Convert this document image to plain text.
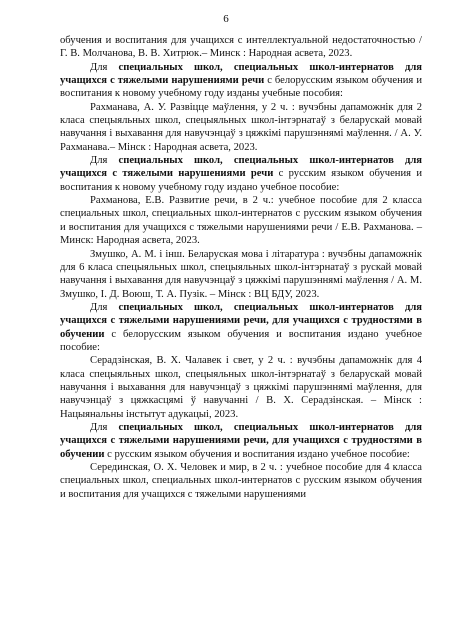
6

обучения и воспитания для учащихся с интеллектуальной недостаточностью / Г. В. Молчанова, В. В. Хитрюк.– Минск : Народная асвета, 2023.

Для специальных школ, специальных школ-интернатов для учащихся с тяжелыми нарушениями речи с белорусским языком обучения и воспитания к новому учебному году изданы учебные пособия:

Рахманава, А. У. Развіцце маўлення, у 2 ч. : вучэбны дапаможнік для 2 класа спецыяльных школ, спецыяльных школ-інтэрнатаў з беларускай мовай навучання і выхавання для навучэнцаў з цяжкімі парушэннямі маўлення. / А. У. Рахманава.– Мінск : Народная асвета, 2023.

Для специальных школ, специальных школ-интернатов для учащихся с тяжелыми нарушениями речи с русским языком обучения и воспитания к новому учебному году издано учебное пособие:

Рахманова, Е.В. Развитие речи, в 2 ч.: учебное пособие для 2 класса специальных школ, специальных школ-интернатов с русским языком обучения и воспитания для учащихся с тяжелыми нарушениями речи / Е.В. Рахманова. – Минск: Народная асвета, 2023.

Змушко, А. М. і інш. Беларуская мова і літаратура : вучэбны дапаможнік для 6 класа спецыяльных школ, спецыяльных школ-інтэрнатаў з рускай мовай навучання і выхавання для навучэнцаў з цяжкімі парушэннямі маўлення / А. М. Змушко, І. Д. Воюш, Т. А. Пузік. – Мінск : ВЦ БДУ, 2023.

Для специальных школ, специальных школ-интернатов для учащихся с тяжелыми нарушениями речи, для учащихся с трудностями в обучении с белорусским языком обучения и воспитания издано учебное пособие:

Серадзінская, В. Х. Чалавек і свет, у 2 ч. : вучэбны дапаможнік для 4 класа спецыяльных школ, спецыяльных школ-інтэрнатаў з беларускай мовай навучання і выхавання для навучэнцаў з цяжкімі парушэннямі маўлення, для навучэнцаў з цяжкасцямі ў навучанні / В. Х. Серадзінская. – Мінск : Нацыянальны інстытут адукацыі, 2023.

Для специальных школ, специальных школ-интернатов для учащихся с тяжелыми нарушениями речи, для учащихся с трудностями в обучении с русским языком обучения и воспитания издано учебное пособие:

Серединская, О. Х. Человек и мир, в 2 ч. : учебное пособие для 4 класса специальных школ, специальных школ-интернатов с русским языком обучения и воспитания для учащихся с тяжелыми нарушениями
